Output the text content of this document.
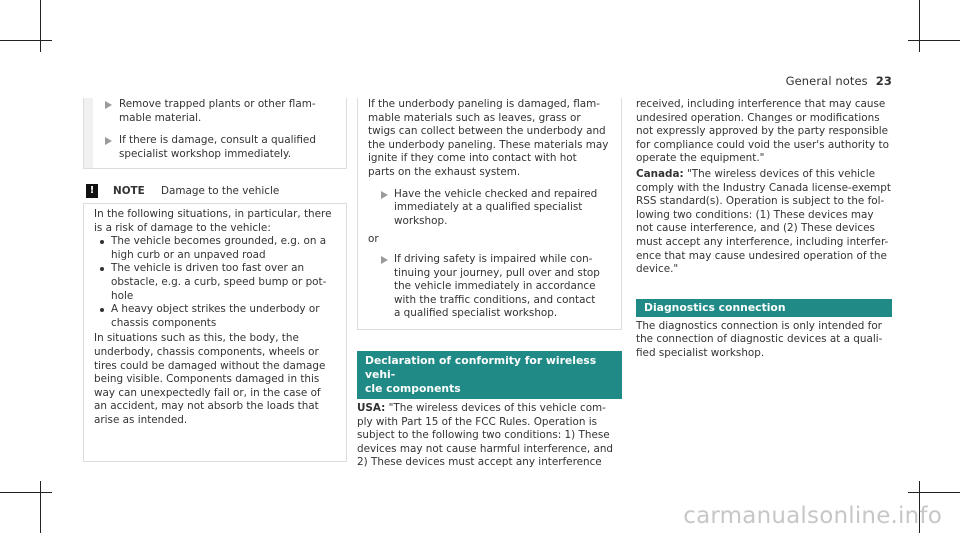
General notes 23

Remove trapped plants or other flam-
mable material.

If there is damage, consult a qualified
specialist workshop immediately.

!	NOTE Damage to the vehicle

In the following situations, in particular, there
is a risk of damage to the vehicle:

The vehicle becomes grounded, e.g. on a
high curb or an unpaved road

The vehicle is driven too fast over an
obstacle, e.g. a curb, speed bump or pot-
hole

A heavy object strikes the underbody or
chassis components

In situations such as this, the body, the
underbody, chassis components, wheels or
tires could be damaged without the damage
being visible. Components damaged in this
way can unexpectedly fail or, in the case of
an accident, may not absorb the loads that
arise as intended.

If the underbody paneling is damaged, flam-
mable materials such as leaves, grass or
twigs can collect between the underbody and
the underbody paneling. These materials may
ignite if they come into contact with hot
parts on the exhaust system.

Have the vehicle checked and repaired
immediately at a qualified specialist
workshop.

or

If driving safety is impaired while con-
tinuing your journey, pull over and stop
the vehicle immediately in accordance
with the traffic conditions, and contact
a qualified specialist workshop.

Declaration of conformity for wireless vehi-
cle components

USA: "The wireless devices of this vehicle com-
ply with Part 15 of the FCC Rules. Operation is
subject to the following two conditions: 1) These
devices may not cause harmful interference, and
2) These devices must accept any interference

received, including interference that may cause
undesired operation. Changes or modifications
not expressly approved by the party responsible
for compliance could void the user's authority to
operate the equipment."

Canada: "The wireless devices of this vehicle
comply with the Industry Canada license-exempt
RSS standard(s). Operation is subject to the fol-
lowing two conditions: (1) These devices may
not cause interference, and (2) These devices
must accept any interference, including interfer-
ence that may cause undesired operation of the
device."

Diagnostics connection

The diagnostics connection is only intended for
the connection of diagnostic devices at a quali-
fied specialist workshop.

carmanualsonline.info
